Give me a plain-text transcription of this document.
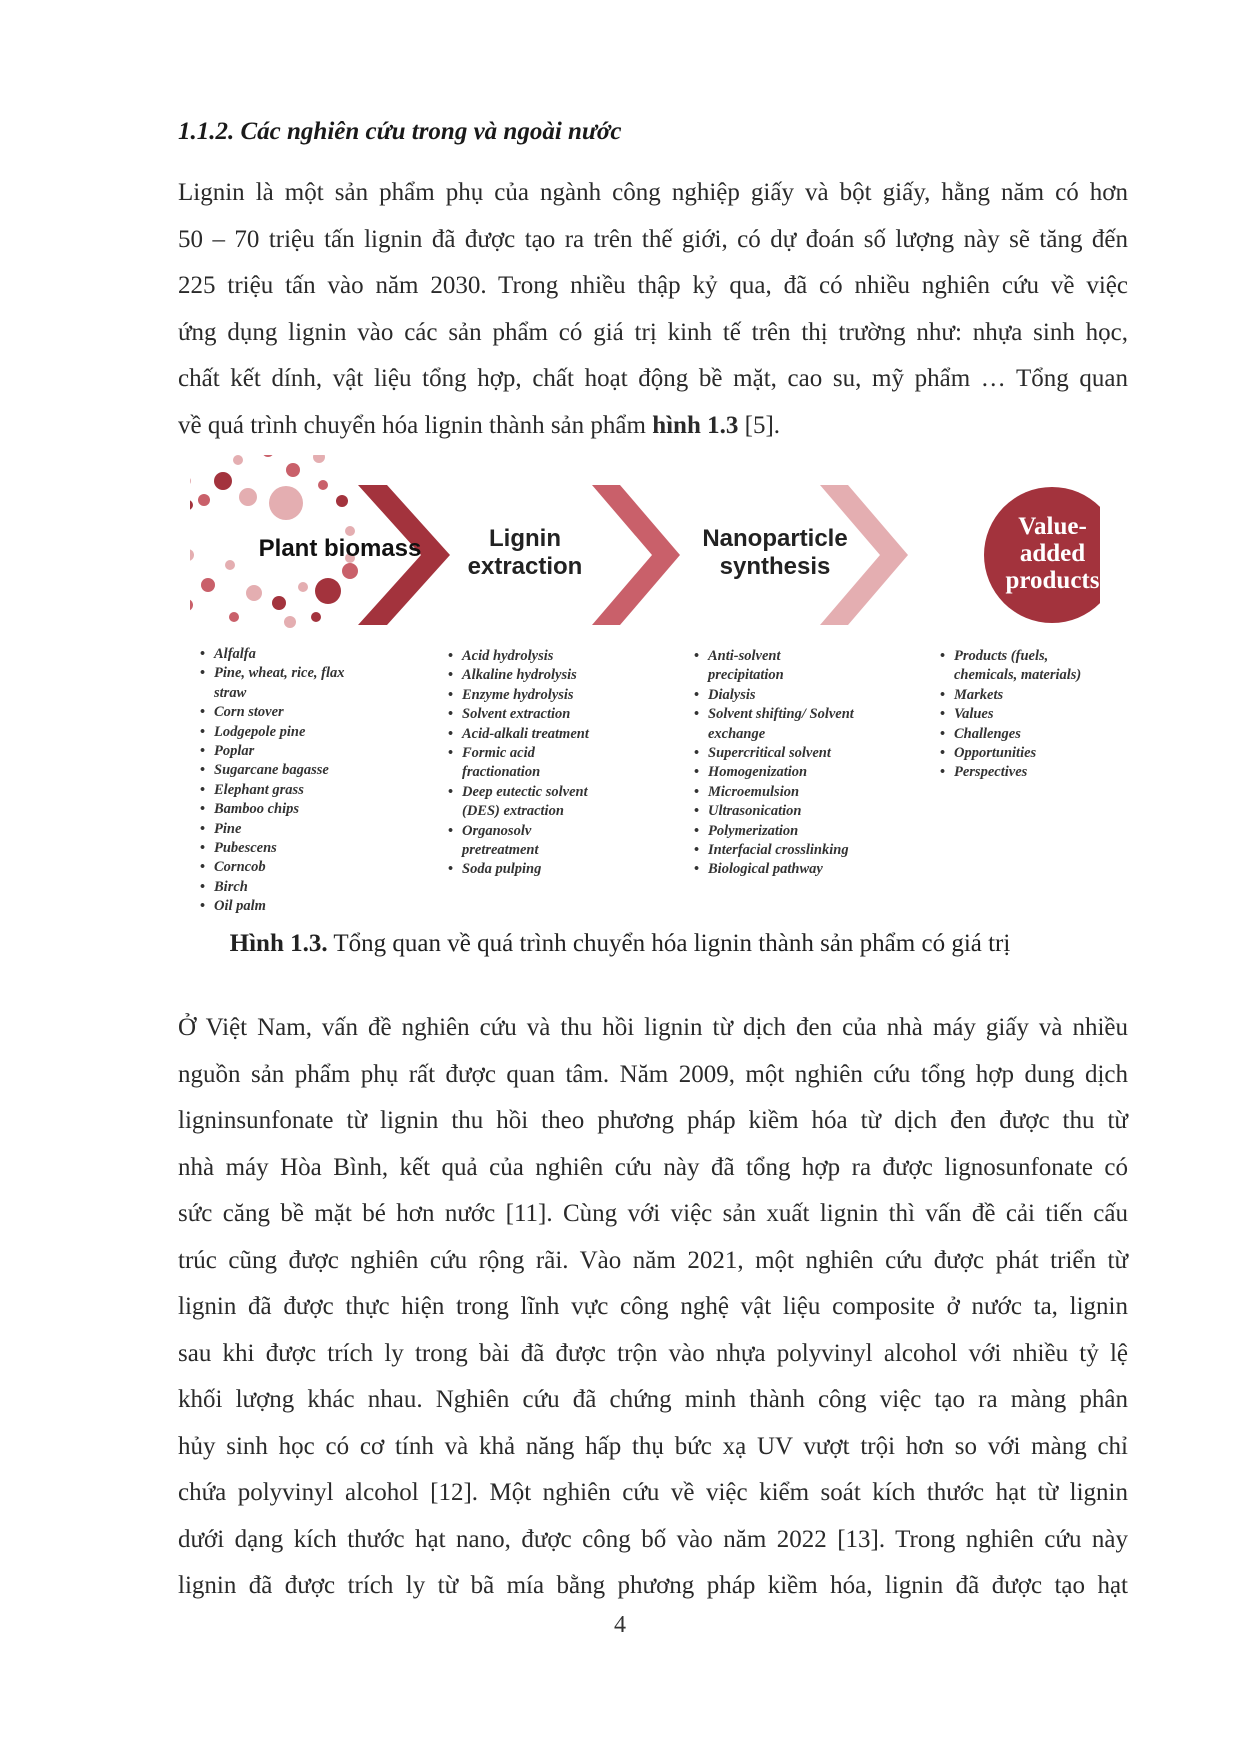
1.1.2. Các nghiên cứu trong và ngoài nước

Lignin là một sản phẩm phụ của ngành công nghiệp giấy và bột giấy, hằng năm có hơn

50 – 70 triệu tấn lignin đã được tạo ra trên thế giới, có dự đoán số lượng này sẽ tăng đến

225 triệu tấn vào năm 2030. Trong nhiều thập kỷ qua, đã có nhiều nghiên cứu về việc

ứng dụng lignin vào các sản phẩm có giá trị kinh tế trên thị trường như: nhựa sinh học,

chất kết dính, vật liệu tổng hợp, chất hoạt động bề mặt, cao su, mỹ phẩm … Tổng quan

về quá trình chuyển hóa lignin thành sản phẩm hình 1.3 [5].

Plant biomass	Lignin extraction
Nanoparticle synthesis
Value-added products
• Alfalfa
• Pine, wheat, rice, flax straw
• Corn stover
• Lodgepole pine
• Poplar
• Sugarcane bagasse
• Elephant grass
• Bamboo chips
• Pine
• Pubescens
• Corncob
• Birch
• Oil palm
• Acid hydrolysis
• Alkaline hydrolysis
• Enzyme hydrolysis
• Solvent extraction
• Acid-alkali treatment
• Formic acid fractionation
• Deep eutectic solvent (DES) extraction
• Organosolv pretreatment
• Soda pulping
• Anti-solvent precipitation
• Dialysis
• Solvent shifting/ Solvent exchange
• Supercritical solvent
• Homogenization
• Microemulsion
• Ultrasonication
• Polymerization
• Interfacial crosslinking
• Biological pathway
• Products (fuels, chemicals, materials)
• Markets
• Values
• Challenges
• Opportunities
• Perspectives
Hình 1.3. Tổng quan về quá trình chuyển hóa lignin thành sản phẩm có giá trị

Ở Việt Nam, vấn đề nghiên cứu và thu hồi lignin từ dịch đen của nhà máy giấy và nhiều

nguồn sản phẩm phụ rất được quan tâm. Năm 2009, một nghiên cứu tổng hợp dung dịch

ligninsunfonate từ lignin thu hồi theo phương pháp kiềm hóa từ dịch đen được thu từ

nhà máy Hòa Bình, kết quả của nghiên cứu này đã tổng hợp ra được lignosunfonate có

sức căng bề mặt bé hơn nước [11]. Cùng với việc sản xuất lignin thì vấn đề cải tiến cấu

trúc cũng được nghiên cứu rộng rãi. Vào năm 2021, một nghiên cứu được phát triển từ

lignin đã được thực hiện trong lĩnh vực công nghệ vật liệu composite ở nước ta, lignin

sau khi được trích ly trong bài đã được trộn vào nhựa polyvinyl alcohol với nhiều tỷ lệ

khối lượng khác nhau. Nghiên cứu đã chứng minh thành công việc tạo ra màng phân

hủy sinh học có cơ tính và khả năng hấp thụ bức xạ UV vượt trội hơn so với màng chỉ

chứa polyvinyl alcohol [12]. Một nghiên cứu về việc kiểm soát kích thước hạt từ lignin

dưới dạng kích thước hạt nano, được công bố vào năm 2022 [13]. Trong nghiên cứu này

lignin đã được trích ly từ bã mía bằng phương pháp kiềm hóa, lignin đã được tạo hạt

4
